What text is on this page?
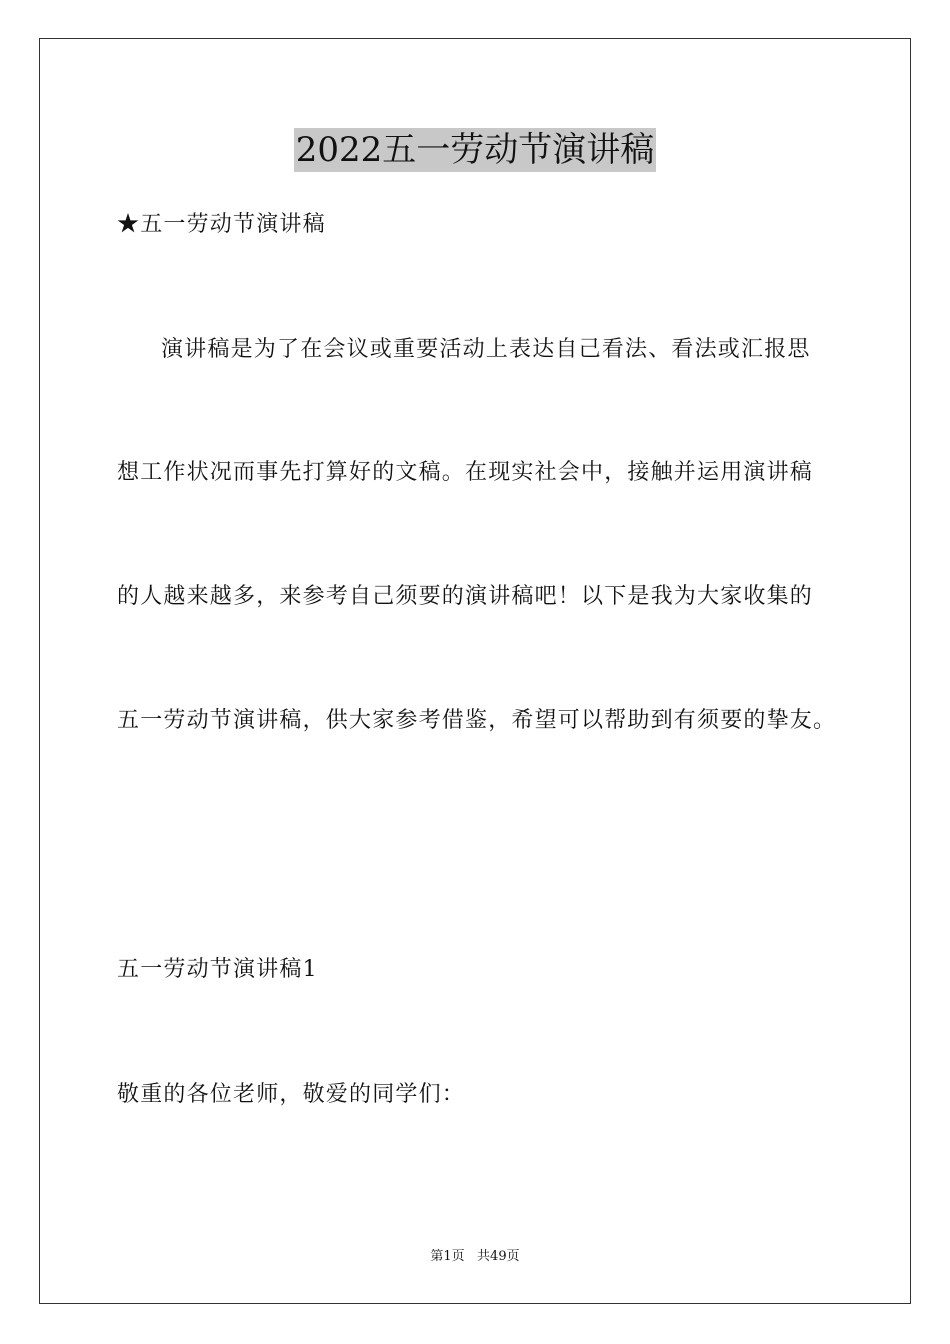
2022五一劳动节演讲稿
★五一劳动节演讲稿
演讲稿是为了在会议或重要活动上表达自己看法、看法或汇报思
想工作状况而事先打算好的文稿。在现实社会中，接触并运用演讲稿
的人越来越多，来参考自己须要的演讲稿吧！以下是我为大家收集的
五一劳动节演讲稿，供大家参考借鉴，希望可以帮助到有须要的挚友。
五一劳动节演讲稿1
敬重的各位老师，敬爱的同学们：
第1页   共49页
